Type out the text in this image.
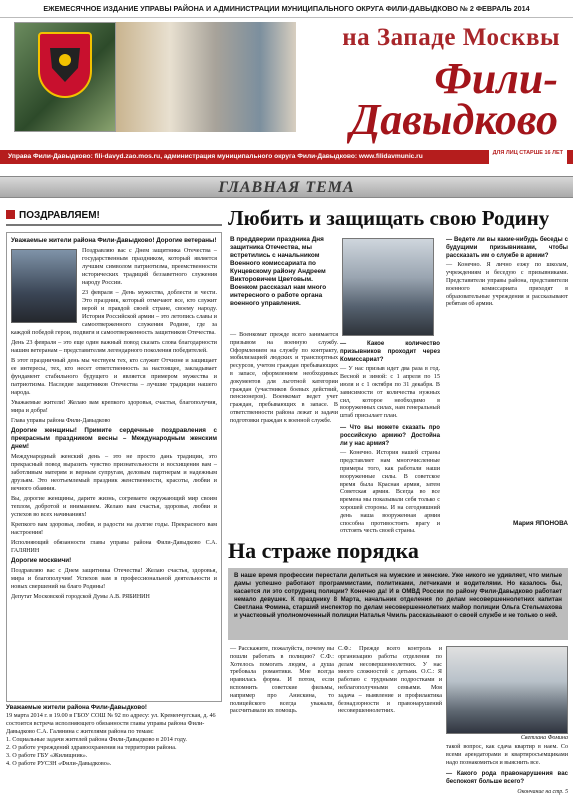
ЕЖЕМЕСЯЧНОЕ ИЗДАНИЕ УПРАВЫ РАЙОНА И АДМИНИСТРАЦИИ МУНИЦИПАЛЬНОГО ОКРУГА ФИЛИ-ДАВЫДКОВО № 2 ФЕВРАЛЬ 2014
на Западе Москвы
Фили-
Давыдково
Управа Фили-Давыдково: fili-davyd.zao.mos.ru, администрация муниципального округа Фили-Давыдково: www.filidavmunic.ru	ДЛЯ ЛИЦ СТАРШЕ 16 ЛЕТ
ГЛАВНАЯ ТЕМА
ПОЗДРАВЛЯЕМ!

Уважаемые жители района Фили-Давыдково! Дорогие ветераны!

Поздравляю вас с Днем защитника Отечества – государственным праздником, который является лучшим символом патриотизма, преемственности исторических традиций беззаветного служения народу России.

23 февраля – День мужества, доблести и чести. Это праздник, который отмечают все, кто служит верой и правдой своей стране, своему народу. История Российской армии – это летопись славы и самоотверженного служения Родине, где за каждой победой герои, подвиги и самоотверженность защитников Отечества.

День 23 февраля – это еще один важный повод сказать слова благодарности нашим ветеранам – представителям легендарного поколения победителей.

В этот праздничный день мы чествуем тех, кто служит Отчизне и защищает ее интересы, тех, кто несет ответственность за настоящее, закладывает фундамент стабильного будущего и является примером мужества и патриотизма. Наследие защитников Отечества – лучшие традиции нашего народа.

Уважаемые жители! Желаю вам крепкого здоровья, счастья, благополучия, мира и добра!

Глава управы района Фили-Давыдково

Дорогие женщины! Примите сердечные поздравления с прекрасным праздником весны – Международным женским днем!

Международный женский день – это не просто дань традиции, это прекрасный повод выразить чувство признательности и восхищения вам – заботливым матерям и верным супругам, деловым партнерам и надежным друзьям. Это неотъемлемый праздник женственности, красоты, любви и вечного обаяния.

Вы, дорогие женщины, дарите жизнь, согреваете окружающий мир своим теплом, добротой и вниманием. Желаю вам счастья, здоровья, любви и успехов во всех начинаниях!

Крепкого вам здоровья, любви, и радости на долгие годы. Прекрасного вам настроения!

Исполняющий обязанности главы управы района Фили-Давыдково С.А. ГАЛЯНИН

Дорогие москвичи!

Поздравляю вас с Днем защитника Отечества! Желаю счастья, здоровья, мира и благополучия! Успехов вам в профессиональной деятельности и новых свершений на благо Родины!

Депутат Московской городской Думы А.В. РЯБИНИН

Уважаемые жители района Фили-Давыдково!

19 марта 2014 г. в 19.00 в ГБОУ СОШ № 92 по адресу: ул. Кременчугская, д. 46 состоится встреча исполняющего обязанности главы управы района Фили-Давыдково С.А. Галянина с жителями района по темам:

1. Социальные задачи жителей района Фили-Давыдково в 2014 году.

2. О работе учреждений здравоохранения на территории района.

3. О работе ГБУ «Жилищник».

4. О работе РУСЗН «Фили-Давыдково».

Любить и защищать свою Родину
В преддверии праздника Дня защитника Отечества, мы встретились с начальником Военного комиссариата по Кунцевскому району Андреем Викторовичем Цветовым. Военком рассказал нам много интересного о работе органа военного управления.

— Военкомат прежде всего занимается призывом на военную службу. Оформлением на службу по контракту, мобилизацией людских и транспортных ресурсов, учетом граждан пребывающих в запасе, оформлением необходимых документов для льготной категории граждан (участников боевых действий, пенсионеров). Военкомат ведет учет граждан, пребывающих в запасе. В ответственности района лежат и задачи подготовки граждан к военной службе.

— Какое количество призывников проходит через Комиссариат?

— У нас призыв идет два раза в год. Весной и зимой: с 1 апреля по 15 июля и с 1 октября по 31 декабря. В зависимости от количества нужных сил, которое необходимо в вооруженных силах, нам генеральный штаб присылает план.

— Что вы можете сказать про российскую армию? Достойна ли у нас армия?

— Конечно. История нашей страны представляет нам многочисленные примеры того, как работали наши вооруженные силы. В советское время была Красная армия, затем Советская армия. Всегда во все времена мы показывали себя только с хорошей стороны. И на сегодняшний день наша вооруженная армия способна противостоять врагу и отстоять честь своей страны.

— Ведете ли вы какие-нибудь беседы с будущими призывниками, чтобы рассказать им о службе в армии?

— Конечно. Я лично езжу по школам, учреждениям и беседую с призывниками. Представители управы района, представители военного комиссариата приходят в образовательные учреждения и рассказывают ребятам об армии.

Мария ЯПОНОВА
На страже порядка
В наше время профессии перестали делиться на мужские и женские. Уже никого не удивляет, что милые дамы успешно работают программистами, политиками, летчиками и водителями. Но казалось бы, касается ли это сотрудниц полиции? Конечно да! И в ОМВД России по району Фили-Давыдково работает немало девушек. К празднику 8 Марта, начальник отделения по делам несовершеннолетних капитан Светлана Фомина, старший инспектор по делам несовершеннолетних майор полиции Ольга Стельмахова и участковый уполномоченный полиции Наталья Чмиль рассказывают о своей службе и не только о ней.

— Расскажите, пожалуйста, почему вы пошли работать в полицию? С.Ф.: Хотелось помогать людям, а душа требовала романтики. Мне всегда нравилась форма. И потом, если вспомнить советские фильмы, например про Анискина, то полицейского всегда уважали, рассчитывали их помощь.

С.Ф.: Прежде всего контроль и организацию работы отделения по делам несовершеннолетних. У нас много сложностей с детьми. О.С.: Я работаю с трудными подростками и неблагополучными семьями. Моя задача – выявление и профилактика безнадзорности и правонарушений несовершеннолетних.

Светлана Фомина

такой вопрос, как сдача квартир в наем. Со всеми арендаторами и квартиросъемщиками надо познакомиться и выяснить все.

— Какого рода правонарушения вас беспокоят больше всего?

Окончание на стр. 5
